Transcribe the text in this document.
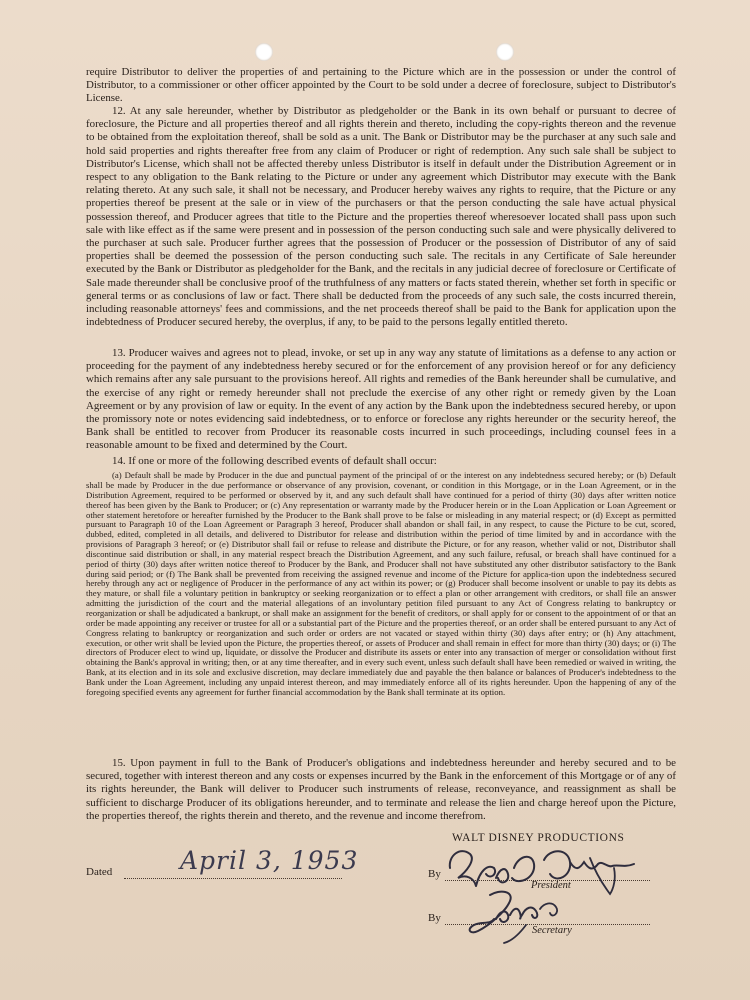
require Distributor to deliver the properties of and pertaining to the Picture which are in the possession or under the control of Distributor, to a commissioner or other officer appointed by the Court to be sold under a decree of foreclosure, subject to Distributor's License.

12. At any sale hereunder, whether by Distributor as pledgeholder or the Bank in its own behalf or pursuant to decree of foreclosure, the Picture and all properties thereof and all rights therein and thereto, including the copy-rights thereon and the revenue to be obtained from the exploitation thereof, shall be sold as a unit. The Bank or Distributor may be the purchaser at any such sale and hold said properties and rights thereafter free from any claim of Producer or right of redemption. Any such sale shall be subject to Distributor's License, which shall not be affected thereby unless Distributor is itself in default under the Distribution Agreement or in respect to any obligation to the Bank relating to the Picture or under any agreement which Distributor may execute with the Bank relating thereto. At any such sale, it shall not be necessary, and Producer hereby waives any rights to require, that the Picture or any properties thereof be present at the sale or in view of the purchasers or that the person conducting the sale have actual physical possession thereof, and Producer agrees that title to the Picture and the properties thereof wheresoever located shall pass upon such sale with like effect as if the same were present and in possession of the person conducting such sale and were physically delivered to the purchaser at such sale. Producer further agrees that the possession of Producer or the possession of Distributor of any of said properties shall be deemed the possession of the person conducting such sale. The recitals in any Certificate of Sale hereunder executed by the Bank or Distributor as pledgeholder for the Bank, and the recitals in any judicial decree of foreclosure or Certificate of Sale made thereunder shall be conclusive proof of the truthfulness of any matters or facts stated therein, whether set forth in specific or general terms or as conclusions of law or fact. There shall be deducted from the proceeds of any such sale, the costs incurred therein, including reasonable attorneys' fees and commissions, and the net proceeds thereof shall be paid to the Bank for application upon the indebtedness of Producer secured hereby, the overplus, if any, to be paid to the persons legally entitled thereto.

13. Producer waives and agrees not to plead, invoke, or set up in any way any statute of limitations as a defense to any action or proceeding for the payment of any indebtedness hereby secured or for the enforcement of any provision hereof or for any deficiency which remains after any sale pursuant to the provisions hereof. All rights and remedies of the Bank hereunder shall be cumulative, and the exercise of any right or remedy hereunder shall not preclude the exercise of any other right or remedy given by the Loan Agreement or by any provision of law or equity. In the event of any action by the Bank upon the indebtedness secured hereby, or upon the promissory note or notes evidencing said indebtedness, or to enforce or foreclose any rights hereunder or the security hereof, the Bank shall be entitled to recover from Producer its reasonable costs incurred in such proceedings, including counsel fees in a reasonable amount to be fixed and determined by the Court.

14. If one or more of the following described events of default shall occur:

(a) Default shall be made by Producer in the due and punctual payment of the principal of or the interest on any indebtedness secured hereby; or (b) Default shall be made by Producer in the due performance or observance of any provision, covenant, or condition in this Mortgage, or in the Loan Agreement, or in the Distribution Agreement, required to be performed or observed by it, and any such default shall have continued for a period of thirty (30) days after written notice thereof has been given by the Bank to Producer; or (c) Any representation or warranty made by the Producer herein or in the Loan Application or Loan Agreement or other statement heretofore or hereafter furnished by the Producer to the Bank shall prove to be false or misleading in any material respect; or (d) Except as permitted pursuant to Paragraph 10 of the Loan Agreement or Paragraph 3 hereof, Producer shall abandon or shall fail, in any respect, to cause the Picture to be cut, scored, dubbed, edited, completed in all details, and delivered to Distributor for release and distribution within the period of time limited by and in accordance with the provisions of Paragraph 3 hereof; or (e) Distributor shall fail or refuse to release and distribute the Picture, or for any reason, whether valid or not, Distributor shall discontinue said distribution or shall, in any material respect breach the Distribution Agreement, and any such failure, refusal, or breach shall have continued for a period of thirty (30) days after written notice thereof to Producer by the Bank, and Producer shall not have substituted any other distributor satisfactory to the Bank during said period; or (f) The Bank shall be prevented from receiving the assigned revenue and income of the Picture for applica-tion upon the indebtedness secured hereby through any act or negligence of Producer in the performance of any act within its power; or (g) Producer shall become insolvent or unable to pay its debts as they mature, or shall file a voluntary petition in bankruptcy or seeking reorganization or to effect a plan or other arrangement with creditors, or shall file an answer admitting the jurisdiction of the court and the material allegations of an involuntary petition filed pursuant to any Act of Congress relating to bankruptcy or reorganization or shall be adjudicated a bankrupt, or shall make an assignment for the benefit of creditors, or shall apply for or consent to the appointment of or that an order be made appointing any receiver or trustee for all or a substantial part of the Picture and the properties thereof, or an order shall be entered pursuant to any Act of Congress relating to bankruptcy or reorganization and such order or orders are not vacated or stayed within thirty (30) days after entry; or (h) Any attachment, execution, or other writ shall be levied upon the Picture, the properties thereof, or assets of Producer and shall remain in effect for more than thirty (30) days; or (i) The directors of Producer elect to wind up, liquidate, or dissolve the Producer and distribute its assets or enter into any transaction of merger or consolidation without first obtaining the Bank's approval in writing; then, or at any time thereafter, and in every such event, unless such default shall have been remedied or waived in writing, the Bank, at its election and in its sole and exclusive discretion, may declare immediately due and payable the then balance or balances of Producer's indebtedness to the Bank under the Loan Agreement, including any unpaid interest thereon, and may immediately enforce all of its rights hereunder. Upon the happening of any of the foregoing specified events any agreement for further financial accommodation by the Bank shall terminate at its option.

15. Upon payment in full to the Bank of Producer's obligations and indebtedness hereunder and hereby secured and to be secured, together with interest thereon and any costs or expenses incurred by the Bank in the enforcement of this Mortgage or of any of its rights hereunder, the Bank will deliver to Producer such instruments of release, reconveyance, and reassignment as shall be sufficient to discharge Producer of its obligations hereunder, and to terminate and release the lien and charge hereof upon the Picture, the properties thereof, the rights therein and thereto, and the revenue and income therefrom.

WALT DISNEY PRODUCTIONS
Dated	April 3, 1953	By
President
By
Secretary
